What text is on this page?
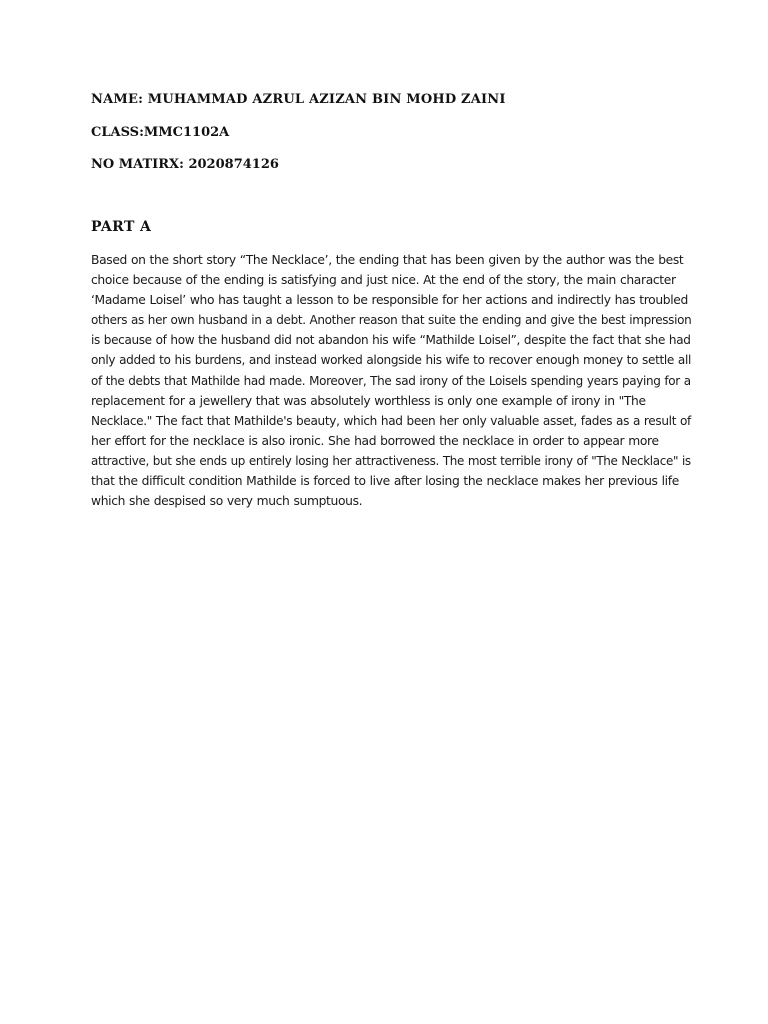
NAME: MUHAMMAD AZRUL AZIZAN BIN MOHD ZAINI
CLASS:MMC1102A
NO MATIRX: 2020874126
PART A
Based on the short story “The Necklace’, the ending that has been given by the author was the best
choice because of the ending is satisfying and just nice. At the end of the story, the main character
‘Madame Loisel’ who has taught a lesson to be responsible for her actions and indirectly has troubled
others as her own husband in a debt. Another reason that suite the ending and give the best impression
is because of how the husband did not abandon his wife “Mathilde Loisel”, despite the fact that she had
only added to his burdens, and instead worked alongside his wife to recover enough money to settle all
of the debts that Mathilde had made. Moreover, The sad irony of the Loisels spending years paying for a
replacement for a jewellery that was absolutely worthless is only one example of irony in "The
Necklace." The fact that Mathilde's beauty, which had been her only valuable asset, fades as a result of
her effort for the necklace is also ironic. She had borrowed the necklace in order to appear more
attractive, but she ends up entirely losing her attractiveness. The most terrible irony of "The Necklace" is
that the difficult condition Mathilde is forced to live after losing the necklace makes her previous life
which she despised so very much sumptuous.
